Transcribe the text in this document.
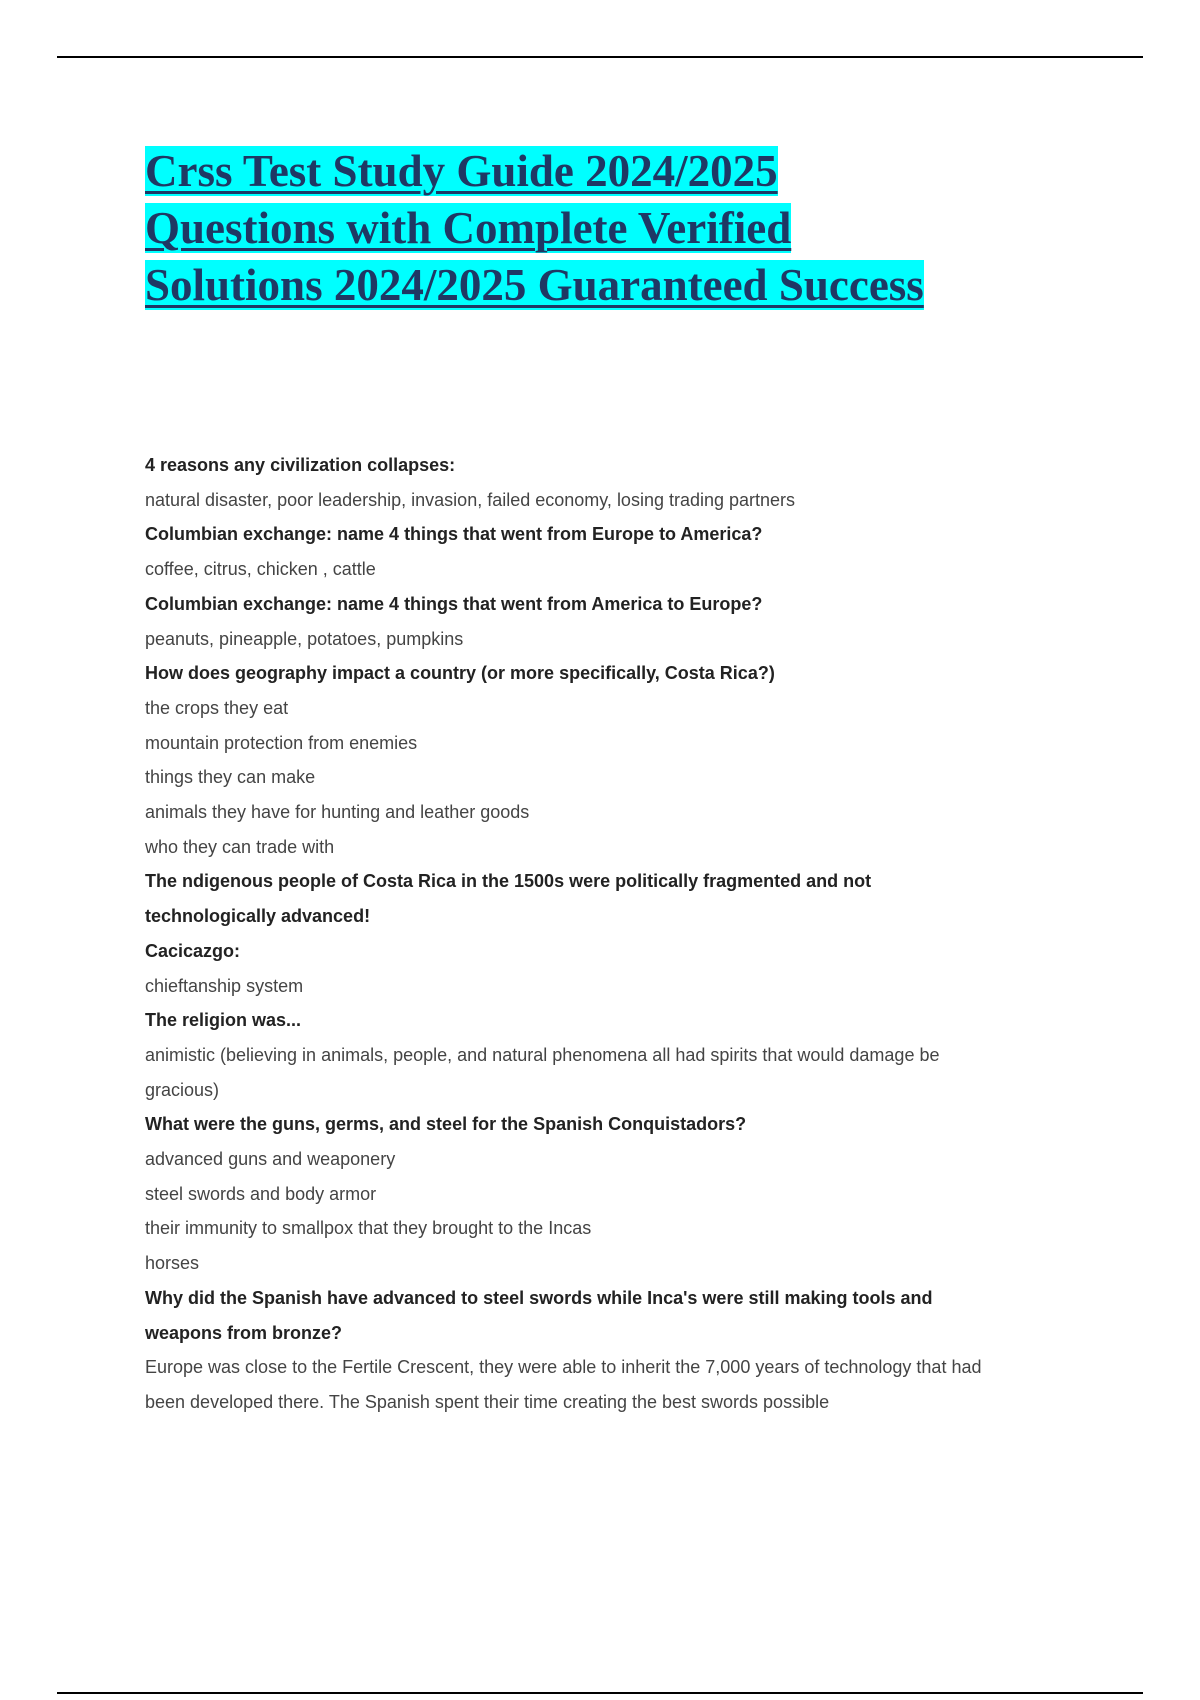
Crss Test Study Guide 2024/2025
Questions with Complete Verified
Solutions 2024/2025 Guaranteed Success
4 reasons any civilization collapses:
natural disaster, poor leadership, invasion, failed economy, losing trading partners
Columbian exchange: name 4 things that went from Europe to America?
coffee, citrus, chicken , cattle
Columbian exchange: name 4 things that went from America to Europe?
peanuts, pineapple, potatoes, pumpkins
How does geography impact a country (or more specifically, Costa Rica?)
the crops they eat
mountain protection from enemies
things they can make
animals they have for hunting and leather goods
who they can trade with
The ndigenous people of Costa Rica in the 1500s were politically fragmented and not
technologically advanced!
Cacicazgo:
chieftanship system
The religion was...
animistic (believing in animals, people, and natural phenomena all had spirits that would damage be
gracious)
What were the guns, germs, and steel for the Spanish Conquistadors?
advanced guns and weaponery
steel swords and body armor
their immunity to smallpox that they brought to the Incas
horses
Why did the Spanish have advanced to steel swords while Inca's were still making tools and
weapons from bronze?
Europe was close to the Fertile Crescent, they were able to inherit the 7,000 years of technology that had
been developed there. The Spanish spent their time creating the best swords possible
